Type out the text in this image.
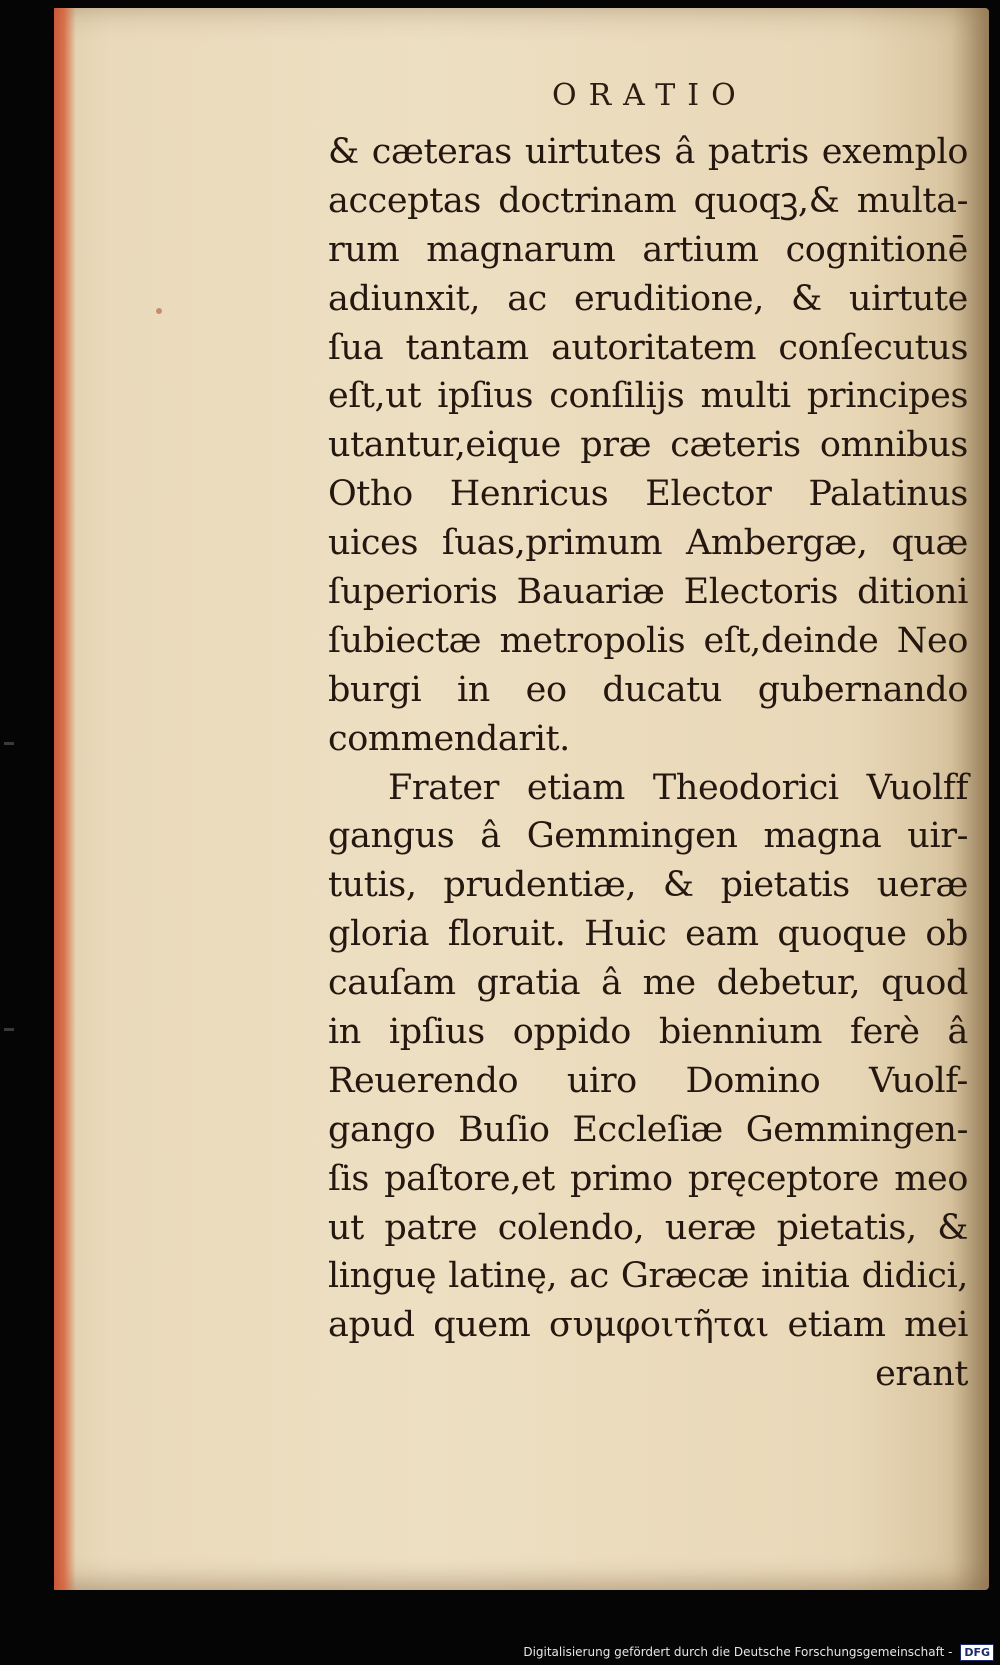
ORATIO
& cæteras uirtutes â patris exemplo
acceptas doctrinam quoqꝫ,& multa-
rum magnarum artium cognitionē
adiunxit, ac eruditione, & uirtute
ſua tantam autoritatem conſecutus
eſt,ut ipſius conſilijs multi principes
utantur,eique præ cæteris omnibus
Otho Henricus Elector Palatinus
uices ſuas,primum Ambergæ, quæ
ſuperioris Bauariæ Electoris ditioni
ſubiectæ metropolis eſt,deinde Neo
burgi in eo ducatu gubernando
commendarit.
Frater etiam Theodorici Vuolff
gangus â Gemmingen magna uir-
tutis, prudentiæ, & pietatis ueræ
gloria floruit. Huic eam quoque ob
cauſam gratia â me debetur, quod
in ipſius oppido biennium ferè â
Reuerendo uiro Domino Vuolf-
gango Buſio Eccleſiæ Gemmingen-
ſis paſtore,et primo pręceptore meo
ut patre colendo, ueræ pietatis, &
linguę latinę, ac Græcæ initia didici,
apud quem συμφοιτῆται etiam mei
erant
Digitalisierung gefördert durch die Deutsche Forschungsgemeinschaft - DFG
